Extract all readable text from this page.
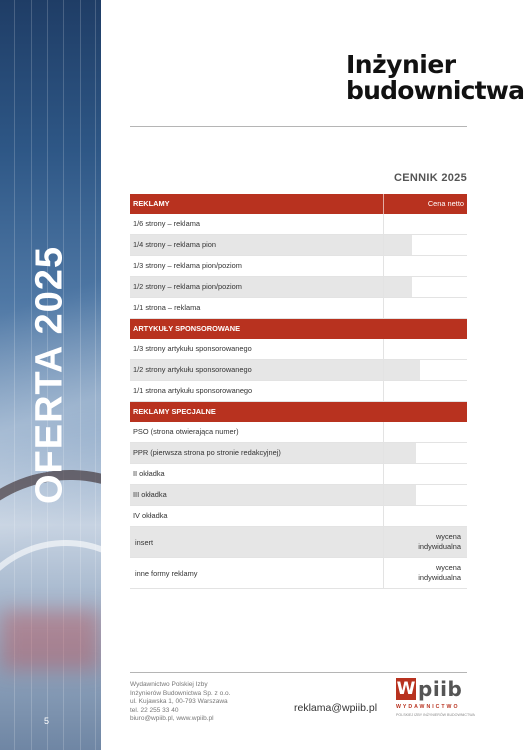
OFERTA 2025
5
Inżynier
budownictwa
CENNIK 2025
REKLAMY	Cena netto
1/6 strony – reklama
1/4 strony – reklama pion
1/3 strony – reklama pion/poziom
1/2 strony – reklama pion/poziom
1/1 strona – reklama
ARTYKUŁY SPONSOROWANE
1/3 strony artykułu sponsorowanego
1/2 strony artykułu sponsorowanego
1/1 strona artykułu sponsorowanego
REKLAMY SPECJALNE
PSO (strona otwierająca numer)
PPR (pierwsza strona po stronie redakcyjnej)
II okładka
III okładka
IV okładka
insert
wycena
indywidualna
inne formy reklamy
wycena
indywidualna
Wydawnictwo Polskiej Izby
Inżynierów Budownictwa Sp. z o.o.
ul. Kujawska 1, 00-793 Warszawa
tel. 22 255 33 40
biuro@wpiib.pl, www.wpiib.pl
reklama@wpiib.pl
W piib
WYDAWNICTWO
POLSKIEJ IZBY INŻYNIERÓW BUDOWNICTWA
